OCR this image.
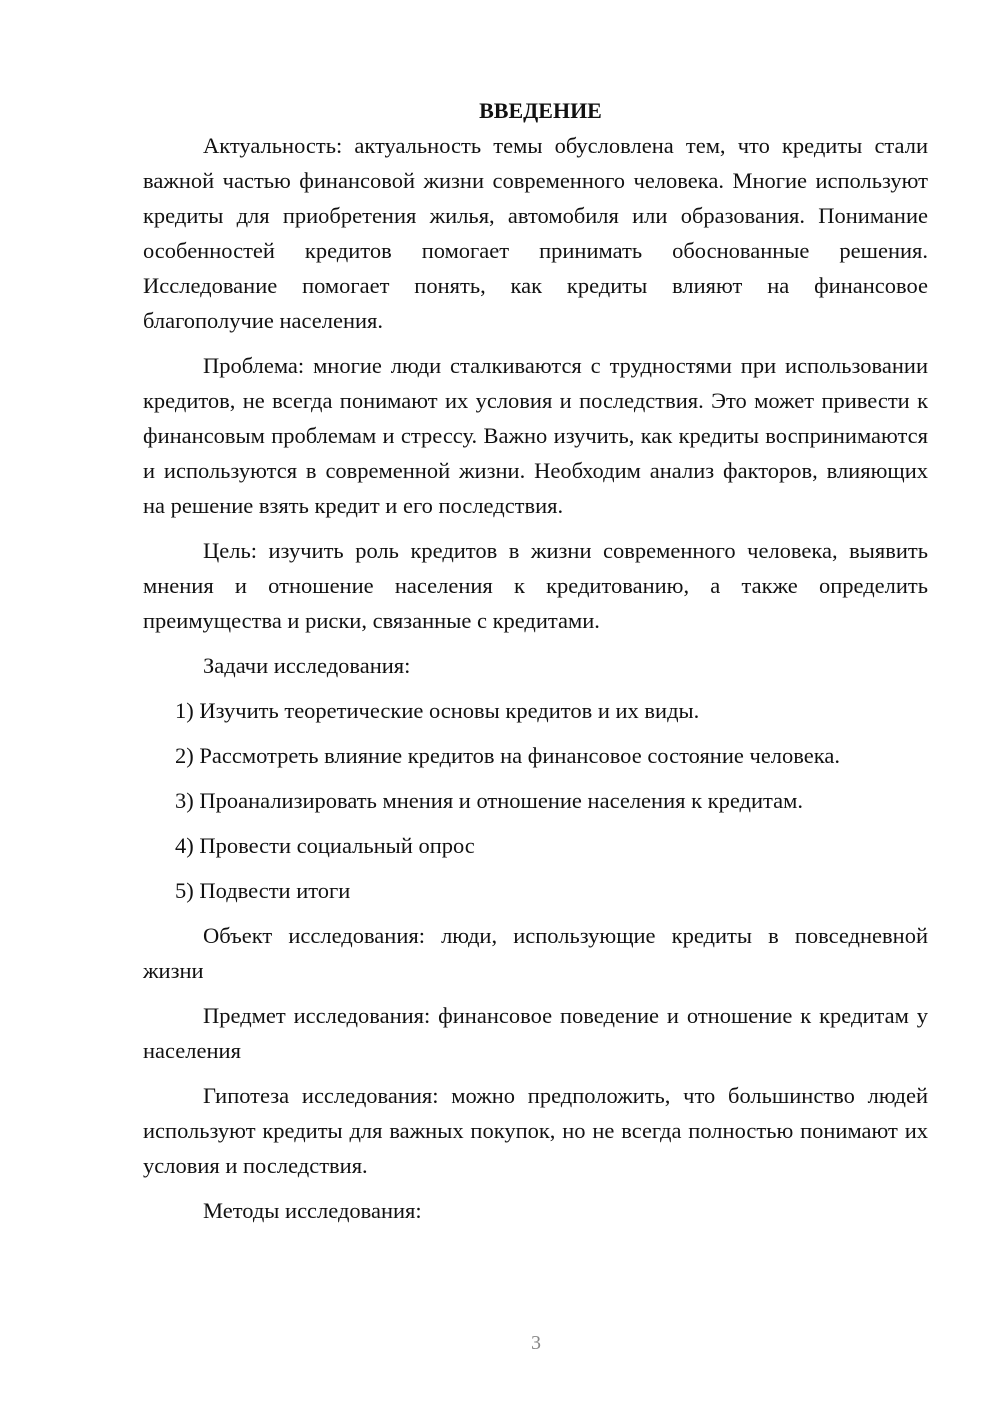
ВВЕДЕНИЕ

Актуальность: актуальность темы обусловлена тем, что кредиты стали важной частью финансовой жизни современного человека. Многие используют кредиты для приобретения жилья, автомобиля или образования. Понимание особенностей кредитов помогает принимать обоснованные решения. Исследование помогает понять, как кредиты влияют на финансовое благополучие населения.

Проблема: многие люди сталкиваются с трудностями при использовании кредитов, не всегда понимают их условия и последствия. Это может привести к финансовым проблемам и стрессу. Важно изучить, как кредиты воспринимаются и используются в современной жизни. Необходим анализ факторов, влияющих на решение взять кредит и его последствия.

Цель: изучить роль кредитов в жизни современного человека, выявить мнения и отношение населения к кредитованию, а также определить преимущества и риски, связанные с кредитами.

Задачи исследования:

1) Изучить теоретические основы кредитов и их виды.
2) Рассмотреть влияние кредитов на финансовое состояние человека.
3) Проанализировать мнения и отношение населения к кредитам.
4) Провести социальный опрос
5) Подвести итоги

Объект исследования: люди, использующие кредиты в повседневной жизни

Предмет исследования: финансовое поведение и отношение к кредитам у населения

Гипотеза исследования: можно предположить, что большинство людей используют кредиты для важных покупок, но не всегда полностью понимают их условия и последствия.

Методы исследования:

3
